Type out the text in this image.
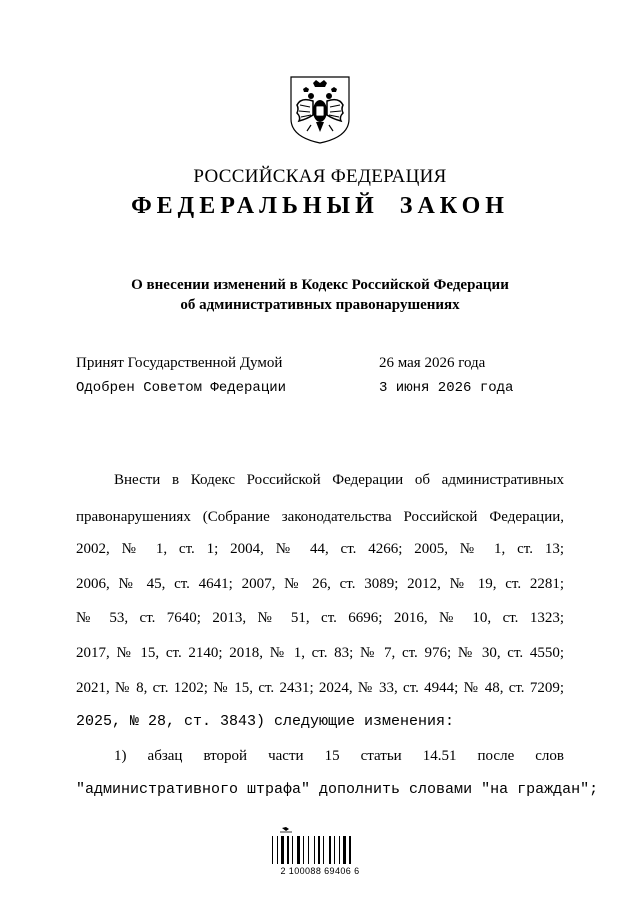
РОССИЙСКАЯ ФЕДЕРАЦИЯ
ФЕДЕРАЛЬНЫЙ ЗАКОН
О внесении изменений в Кодекс Российской Федерации
об административных правонарушениях
Принят Государственной Думой	26 мая 2026 года
Одобрен Советом Федерации	3 июня 2026 года
Внести в Кодекс Российской Федерации об административных
правонарушениях (Собрание законодательства Российской Федерации,
2002, № 1, ст. 1; 2004, № 44, ст. 4266; 2005, № 1, ст. 13;
2006, № 45, ст. 4641; 2007, № 26, ст. 3089; 2012, № 19, ст. 2281;
№ 53, ст. 7640; 2013, № 51, ст. 6696; 2016, № 10, ст. 1323;
2017, № 15, ст. 2140; 2018, № 1, ст. 83; № 7, ст. 976; № 30, ст. 4550;
2021, № 8, ст. 1202; № 15, ст. 2431; 2024, № 33, ст. 4944; № 48, ст. 7209;
2025, № 28, ст. 3843) следующие изменения:
1) абзац второй части 15 статьи 14.51 после слов
"административного штрафа" дополнить словами "на граждан";
2 100088 69406 6
